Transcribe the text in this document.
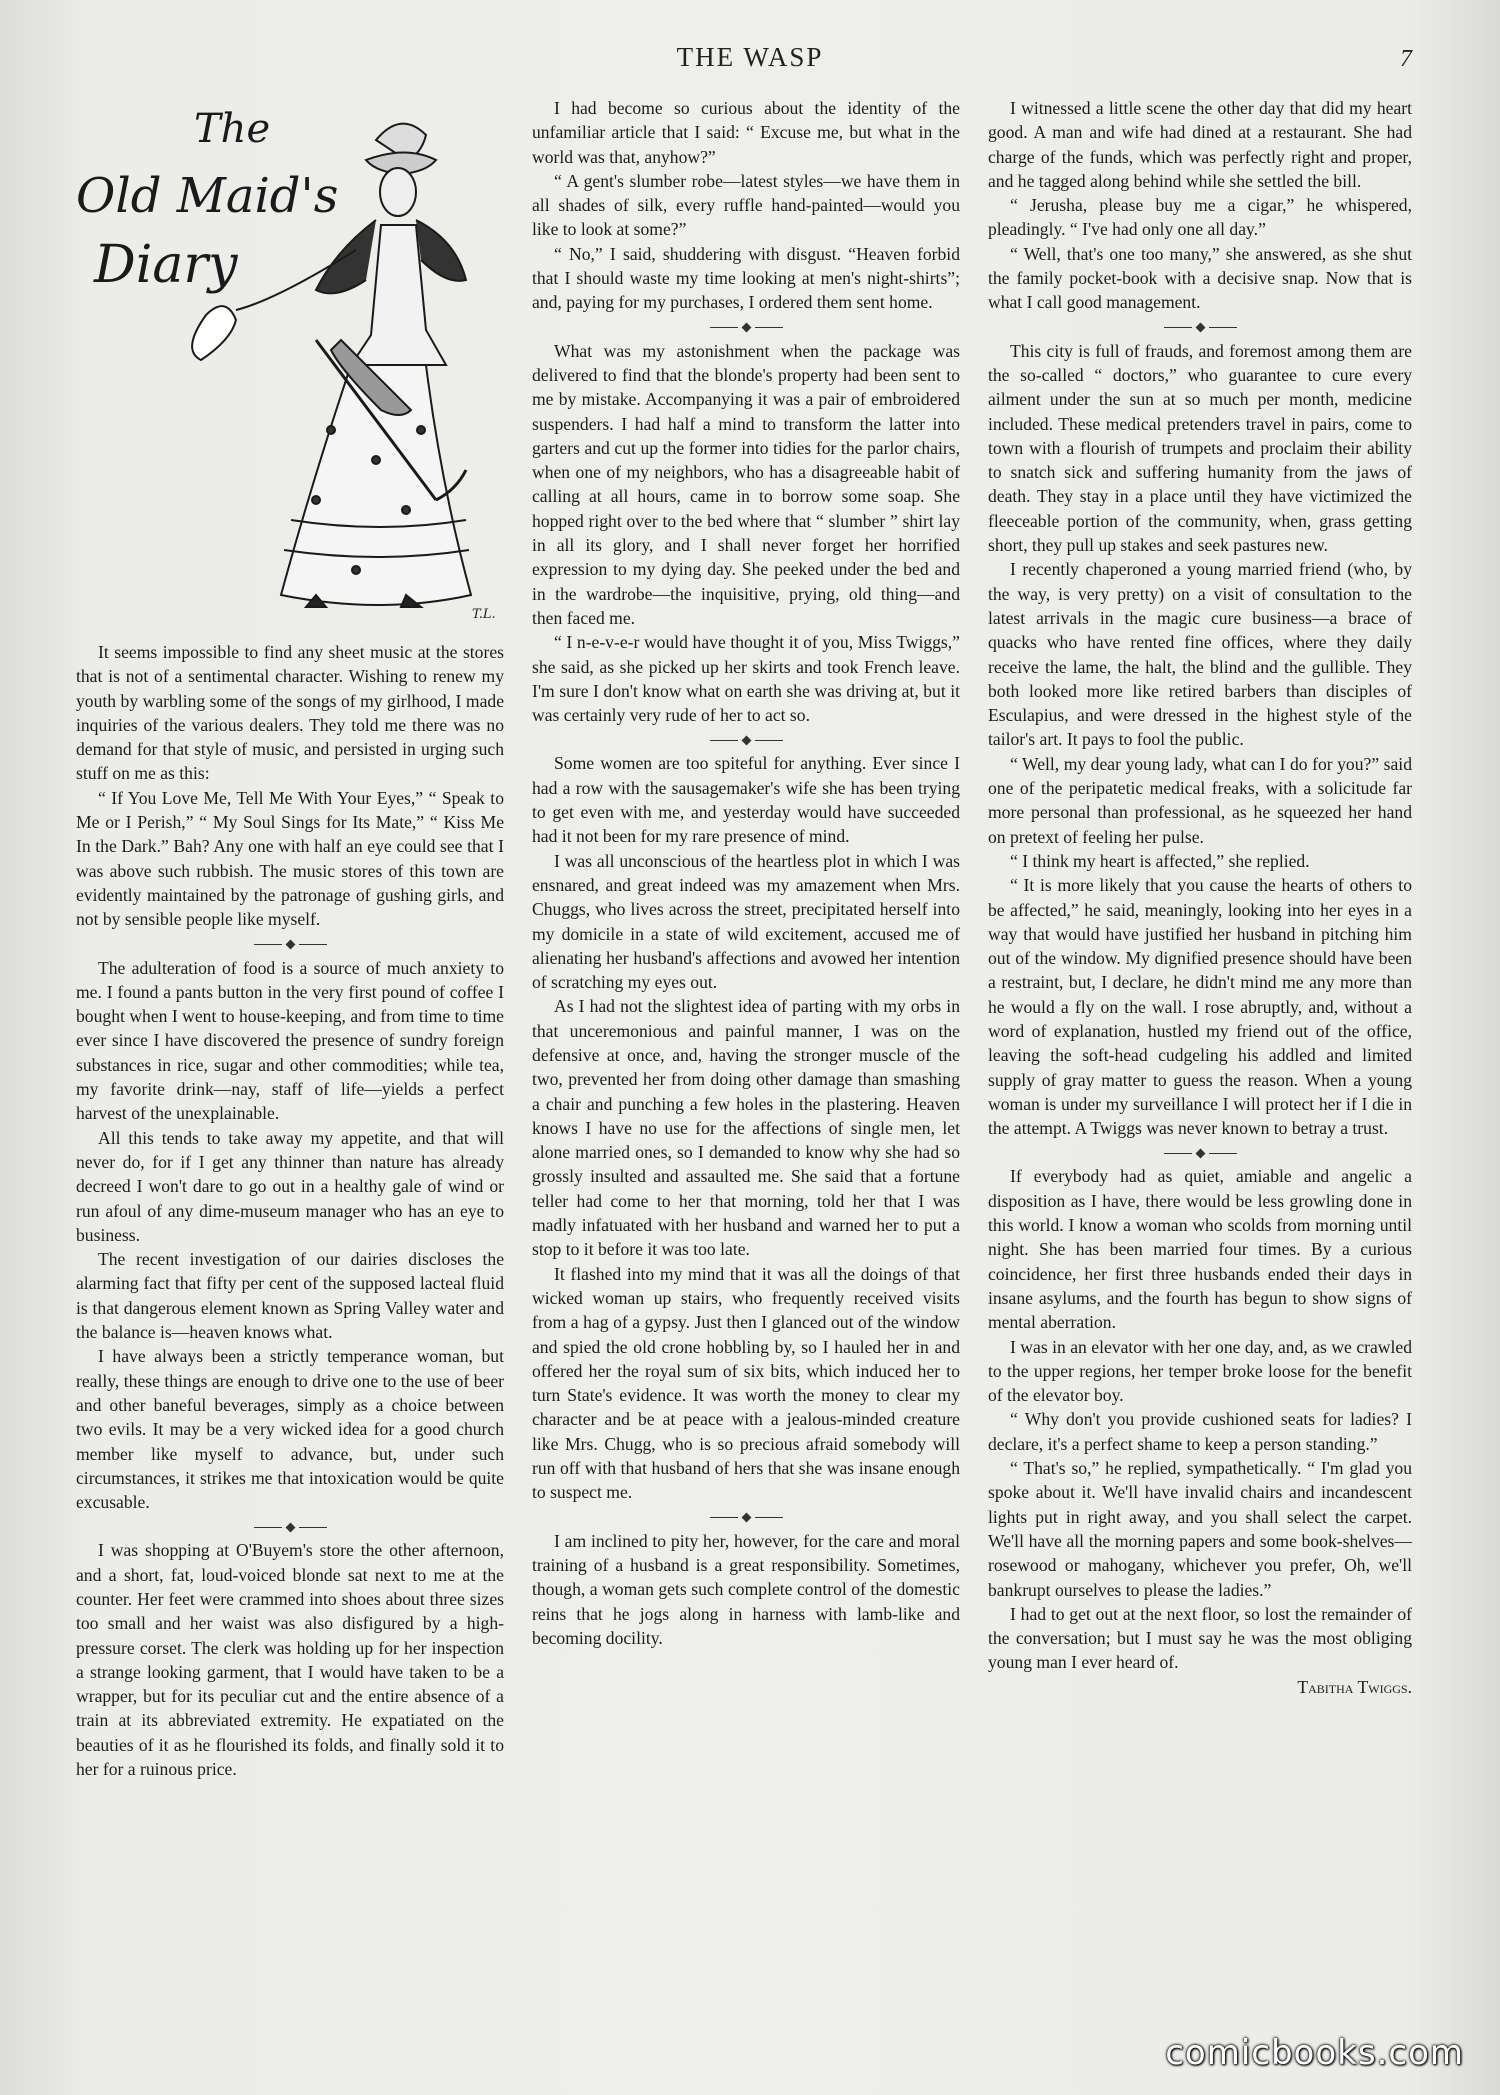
THE WASP	7
The
Old Maid's
Diary
T.L.

It seems impossible to find any sheet music at the stores that is not of a sentimental character. Wishing to renew my youth by warbling some of the songs of my girlhood, I made inquiries of the various dealers. They told me there was no demand for that style of music, and persisted in urging such stuff on me as this:

“ If You Love Me, Tell Me With Your Eyes,” “ Speak to Me or I Perish,” “ My Soul Sings for Its Mate,” “ Kiss Me In the Dark.” Bah? Any one with half an eye could see that I was above such rubbish. The music stores of this town are evidently maintained by the patronage of gushing girls, and not by sensible people like myself.

The adulteration of food is a source of much anxiety to me. I found a pants button in the very first pound of coffee I bought when I went to house-keeping, and from time to time ever since I have discovered the presence of sundry foreign substances in rice, sugar and other commodities; while tea, my favorite drink—nay, staff of life—yields a perfect harvest of the unexplainable.

All this tends to take away my appetite, and that will never do, for if I get any thinner than nature has already decreed I won't dare to go out in a healthy gale of wind or run afoul of any dime-museum manager who has an eye to business.

The recent investigation of our dairies discloses the alarming fact that fifty per cent of the supposed lacteal fluid is that dangerous element known as Spring Valley water and the balance is—heaven knows what.

I have always been a strictly temperance woman, but really, these things are enough to drive one to the use of beer and other baneful beverages, simply as a choice between two evils. It may be a very wicked idea for a good church member like myself to advance, but, under such circumstances, it strikes me that intoxication would be quite excusable.

I was shopping at O'Buyem's store the other afternoon, and a short, fat, loud-voiced blonde sat next to me at the counter. Her feet were crammed into shoes about three sizes too small and her waist was also disfigured by a high-pressure corset. The clerk was holding up for her inspection a strange looking garment, that I would have taken to be a wrapper, but for its peculiar cut and the entire absence of a train at its abbreviated extremity. He expatiated on the beauties of it as he flourished its folds, and finally sold it to her for a ruinous price.

I had become so curious about the identity of the unfamiliar article that I said: “ Excuse me, but what in the world was that, anyhow?”

“ A gent's slumber robe—latest styles—we have them in all shades of silk, every ruffle hand-painted—would you like to look at some?”

“ No,” I said, shuddering with disgust. “Heaven forbid that I should waste my time looking at men's night-shirts”; and, paying for my purchases, I ordered them sent home.

What was my astonishment when the package was delivered to find that the blonde's property had been sent to me by mistake. Accompanying it was a pair of embroidered suspenders. I had half a mind to transform the latter into garters and cut up the former into tidies for the parlor chairs, when one of my neighbors, who has a disagreeable habit of calling at all hours, came in to borrow some soap. She hopped right over to the bed where that “ slumber ” shirt lay in all its glory, and I shall never forget her horrified expression to my dying day. She peeked under the bed and in the wardrobe—the inquisitive, prying, old thing—and then faced me.

“ I n-e-v-e-r would have thought it of you, Miss Twiggs,” she said, as she picked up her skirts and took French leave. I'm sure I don't know what on earth she was driving at, but it was certainly very rude of her to act so.

Some women are too spiteful for anything. Ever since I had a row with the sausagemaker's wife she has been trying to get even with me, and yesterday would have succeeded had it not been for my rare presence of mind.

I was all unconscious of the heartless plot in which I was ensnared, and great indeed was my amazement when Mrs. Chuggs, who lives across the street, precipitated herself into my domicile in a state of wild excitement, accused me of alienating her husband's affections and avowed her intention of scratching my eyes out.

As I had not the slightest idea of parting with my orbs in that unceremonious and painful manner, I was on the defensive at once, and, having the stronger muscle of the two, prevented her from doing other damage than smashing a chair and punching a few holes in the plastering. Heaven knows I have no use for the affections of single men, let alone married ones, so I demanded to know why she had so grossly insulted and assaulted me. She said that a fortune teller had come to her that morning, told her that I was madly infatuated with her husband and warned her to put a stop to it before it was too late.

It flashed into my mind that it was all the doings of that wicked woman up stairs, who frequently received visits from a hag of a gypsy. Just then I glanced out of the window and spied the old crone hobbling by, so I hauled her in and offered her the royal sum of six bits, which induced her to turn State's evidence. It was worth the money to clear my character and be at peace with a jealous-minded creature like Mrs. Chugg, who is so precious afraid somebody will run off with that husband of hers that she was insane enough to suspect me.

I am inclined to pity her, however, for the care and moral training of a husband is a great responsibility. Sometimes, though, a woman gets such complete control of the domestic reins that he jogs along in harness with lamb-like and becoming docility.

I witnessed a little scene the other day that did my heart good. A man and wife had dined at a restaurant. She had charge of the funds, which was perfectly right and proper, and he tagged along behind while she settled the bill.

“ Jerusha, please buy me a cigar,” he whispered, pleadingly. “ I've had only one all day.”

“ Well, that's one too many,” she answered, as she shut the family pocket-book with a decisive snap. Now that is what I call good management.

This city is full of frauds, and foremost among them are the so-called “ doctors,” who guarantee to cure every ailment under the sun at so much per month, medicine included. These medical pretenders travel in pairs, come to town with a flourish of trumpets and proclaim their ability to snatch sick and suffering humanity from the jaws of death. They stay in a place until they have victimized the fleeceable portion of the community, when, grass getting short, they pull up stakes and seek pastures new.

I recently chaperoned a young married friend (who, by the way, is very pretty) on a visit of consultation to the latest arrivals in the magic cure business—a brace of quacks who have rented fine offices, where they daily receive the lame, the halt, the blind and the gullible. They both looked more like retired barbers than disciples of Esculapius, and were dressed in the highest style of the tailor's art. It pays to fool the public.

“ Well, my dear young lady, what can I do for you?” said one of the peripatetic medical freaks, with a solicitude far more personal than professional, as he squeezed her hand on pretext of feeling her pulse.

“ I think my heart is affected,” she replied.

“ It is more likely that you cause the hearts of others to be affected,” he said, meaningly, looking into her eyes in a way that would have justified her husband in pitching him out of the window. My dignified presence should have been a restraint, but, I declare, he didn't mind me any more than he would a fly on the wall. I rose abruptly, and, without a word of explanation, hustled my friend out of the office, leaving the soft-head cudgeling his addled and limited supply of gray matter to guess the reason. When a young woman is under my surveillance I will protect her if I die in the attempt. A Twiggs was never known to betray a trust.

If everybody had as quiet, amiable and angelic a disposition as I have, there would be less growling done in this world. I know a woman who scolds from morning until night. She has been married four times. By a curious coincidence, her first three husbands ended their days in insane asylums, and the fourth has begun to show signs of mental aberration.

I was in an elevator with her one day, and, as we crawled to the upper regions, her temper broke loose for the benefit of the elevator boy.

“ Why don't you provide cushioned seats for ladies? I declare, it's a perfect shame to keep a person standing.”

“ That's so,” he replied, sympathetically. “ I'm glad you spoke about it. We'll have invalid chairs and incandescent lights put in right away, and you shall select the carpet. We'll have all the morning papers and some book-shelves—rosewood or mahogany, whichever you prefer, Oh, we'll bankrupt ourselves to please the ladies.”

I had to get out at the next floor, so lost the remainder of the conversation; but I must say he was the most obliging young man I ever heard of.

Tabitha Twiggs.

comicbooks.com
